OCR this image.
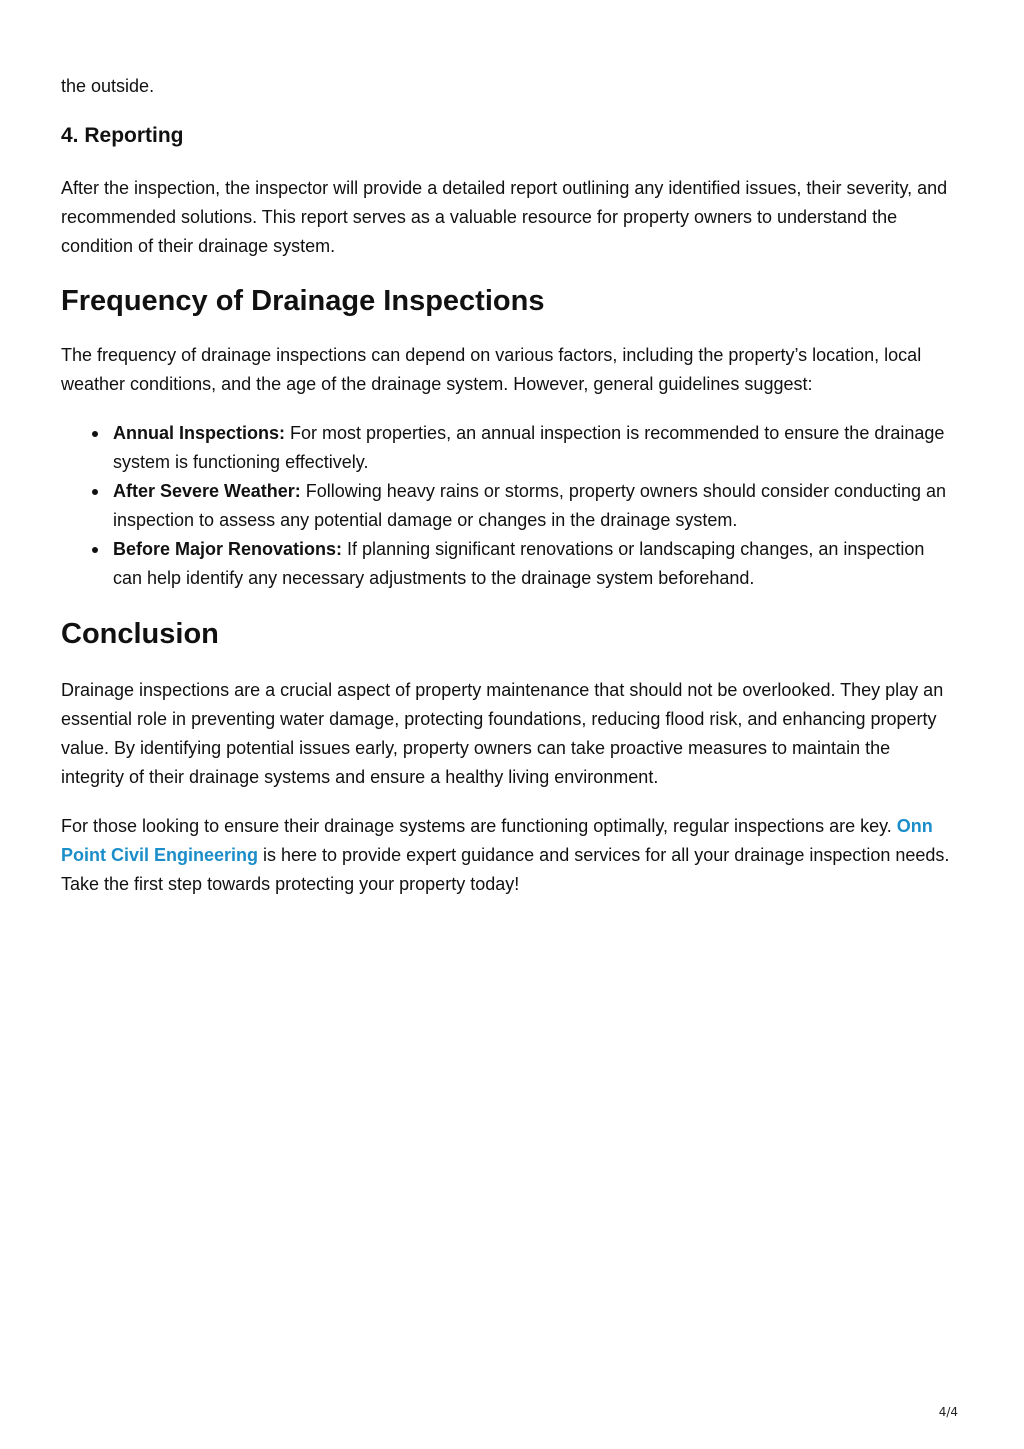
the outside.

4. Reporting

After the inspection, the inspector will provide a detailed report outlining any identified issues, their severity, and recommended solutions. This report serves as a valuable resource for property owners to understand the condition of their drainage system.

Frequency of Drainage Inspections

The frequency of drainage inspections can depend on various factors, including the property’s location, local weather conditions, and the age of the drainage system. However, general guidelines suggest:

Annual Inspections: For most properties, an annual inspection is recommended to ensure the drainage system is functioning effectively.
After Severe Weather: Following heavy rains or storms, property owners should consider conducting an inspection to assess any potential damage or changes in the drainage system.
Before Major Renovations: If planning significant renovations or landscaping changes, an inspection can help identify any necessary adjustments to the drainage system beforehand.
Conclusion

Drainage inspections are a crucial aspect of property maintenance that should not be overlooked. They play an essential role in preventing water damage, protecting foundations, reducing flood risk, and enhancing property value. By identifying potential issues early, property owners can take proactive measures to maintain the integrity of their drainage systems and ensure a healthy living environment.

For those looking to ensure their drainage systems are functioning optimally, regular inspections are key. Onn Point Civil Engineering is here to provide expert guidance and services for all your drainage inspection needs. Take the first step towards protecting your property today!

4/4
